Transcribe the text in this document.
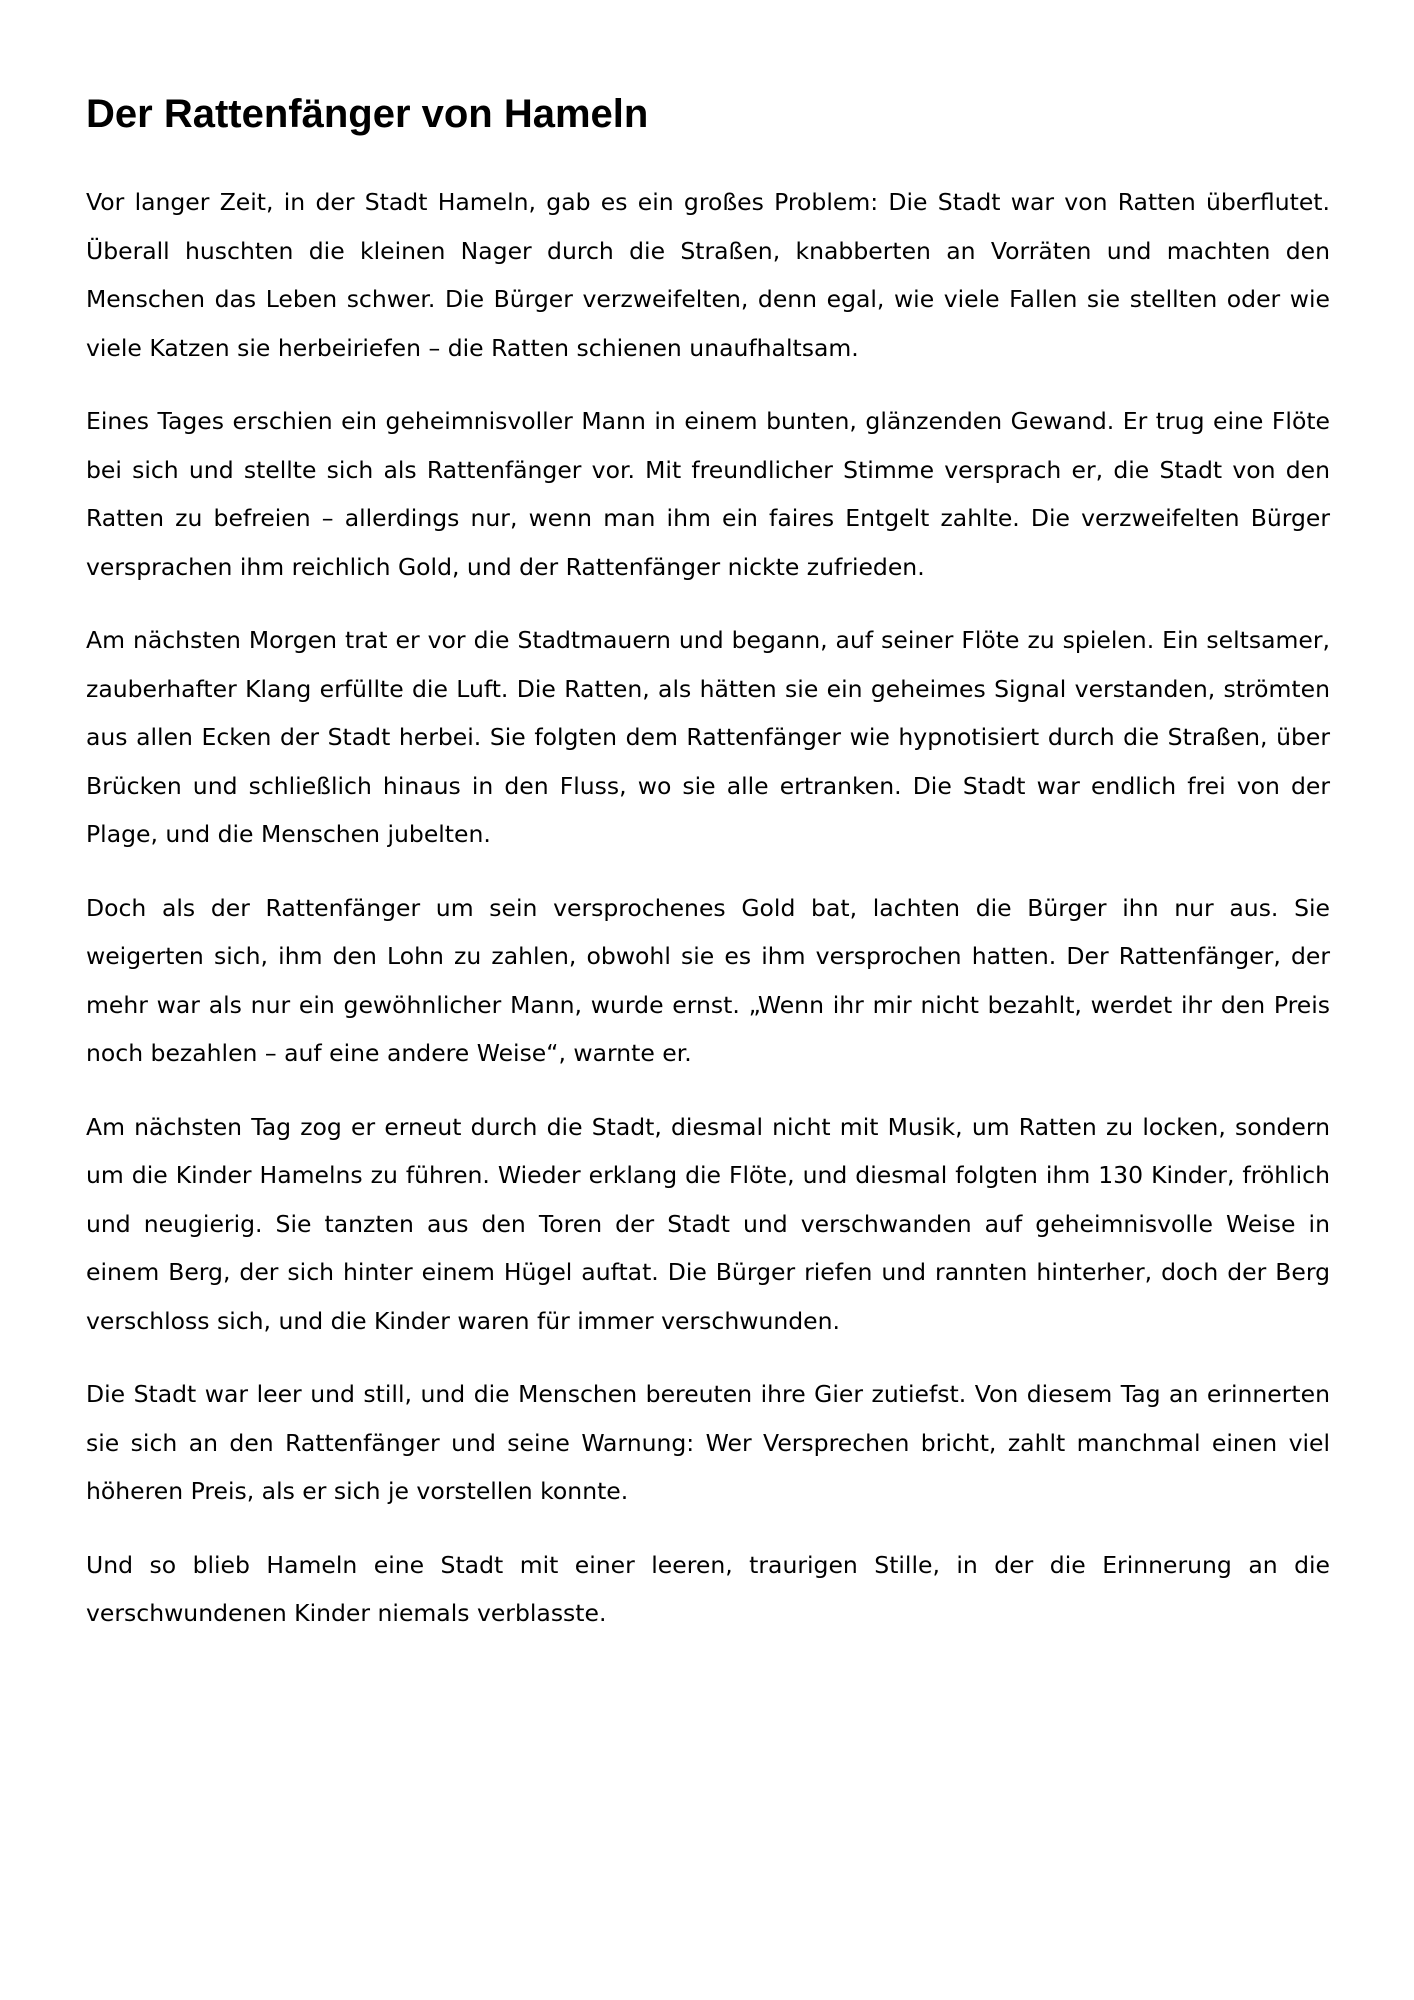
Der Rattenfänger von Hameln

Vor langer Zeit, in der Stadt Hameln, gab es ein großes Problem: Die Stadt war von Ratten überflutet. Überall huschten die kleinen Nager durch die Straßen, knabberten an Vorräten und machten den Menschen das Leben schwer. Die Bürger verzweifelten, denn egal, wie viele Fallen sie stellten oder wie viele Katzen sie herbeiriefen – die Ratten schienen unaufhaltsam.

Eines Tages erschien ein geheimnisvoller Mann in einem bunten, glänzenden Gewand. Er trug eine Flöte bei sich und stellte sich als Rattenfänger vor. Mit freundlicher Stimme versprach er, die Stadt von den Ratten zu befreien – allerdings nur, wenn man ihm ein faires Entgelt zahlte. Die verzweifelten Bürger versprachen ihm reichlich Gold, und der Rattenfänger nickte zufrieden.

Am nächsten Morgen trat er vor die Stadtmauern und begann, auf seiner Flöte zu spielen. Ein seltsamer, zauberhafter Klang erfüllte die Luft. Die Ratten, als hätten sie ein geheimes Signal verstanden, strömten aus allen Ecken der Stadt herbei. Sie folgten dem Rattenfänger wie hypnotisiert durch die Straßen, über Brücken und schließlich hinaus in den Fluss, wo sie alle ertranken. Die Stadt war endlich frei von der Plage, und die Menschen jubelten.

Doch als der Rattenfänger um sein versprochenes Gold bat, lachten die Bürger ihn nur aus. Sie weigerten sich, ihm den Lohn zu zahlen, obwohl sie es ihm versprochen hatten. Der Rattenfänger, der mehr war als nur ein gewöhnlicher Mann, wurde ernst. „Wenn ihr mir nicht bezahlt, werdet ihr den Preis noch bezahlen – auf eine andere Weise“, warnte er.

Am nächsten Tag zog er erneut durch die Stadt, diesmal nicht mit Musik, um Ratten zu locken, sondern um die Kinder Hamelns zu führen. Wieder erklang die Flöte, und diesmal folgten ihm 130 Kinder, fröhlich und neugierig. Sie tanzten aus den Toren der Stadt und verschwanden auf geheimnisvolle Weise in einem Berg, der sich hinter einem Hügel auftat. Die Bürger riefen und rannten hinterher, doch der Berg verschloss sich, und die Kinder waren für immer verschwunden.

Die Stadt war leer und still, und die Menschen bereuten ihre Gier zutiefst. Von diesem Tag an erinnerten sie sich an den Rattenfänger und seine Warnung: Wer Versprechen bricht, zahlt manchmal einen viel höheren Preis, als er sich je vorstellen konnte.

Und so blieb Hameln eine Stadt mit einer leeren, traurigen Stille, in der die Erinnerung an die verschwundenen Kinder niemals verblasste.
